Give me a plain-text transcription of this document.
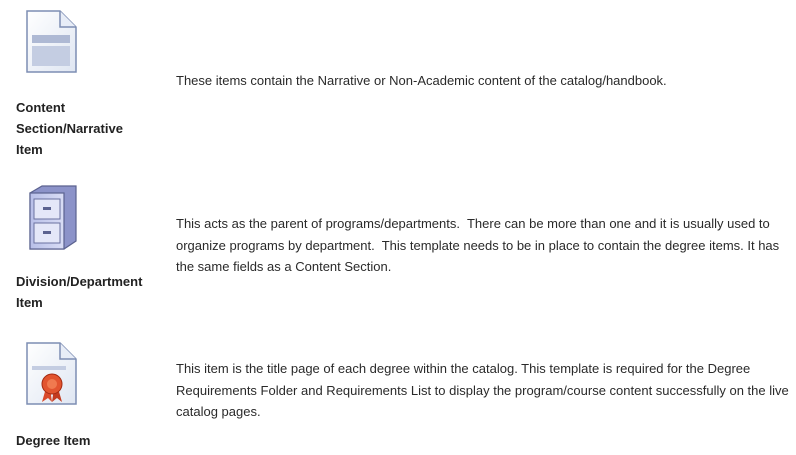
Content Section/Narrative Item
These items contain the Narrative or Non-Academic content of the catalog/handbook.
Division/Department Item
This acts as the parent of programs/departments.  There can be more than one and it is usually used to organize programs by department.  This template needs to be in place to contain the degree items. It has the same fields as a Content Section.
Degree Item
This item is the title page of each degree within the catalog. This template is required for the Degree Requirements Folder and Requirements List to display the program/course content successfully on the live catalog pages.
